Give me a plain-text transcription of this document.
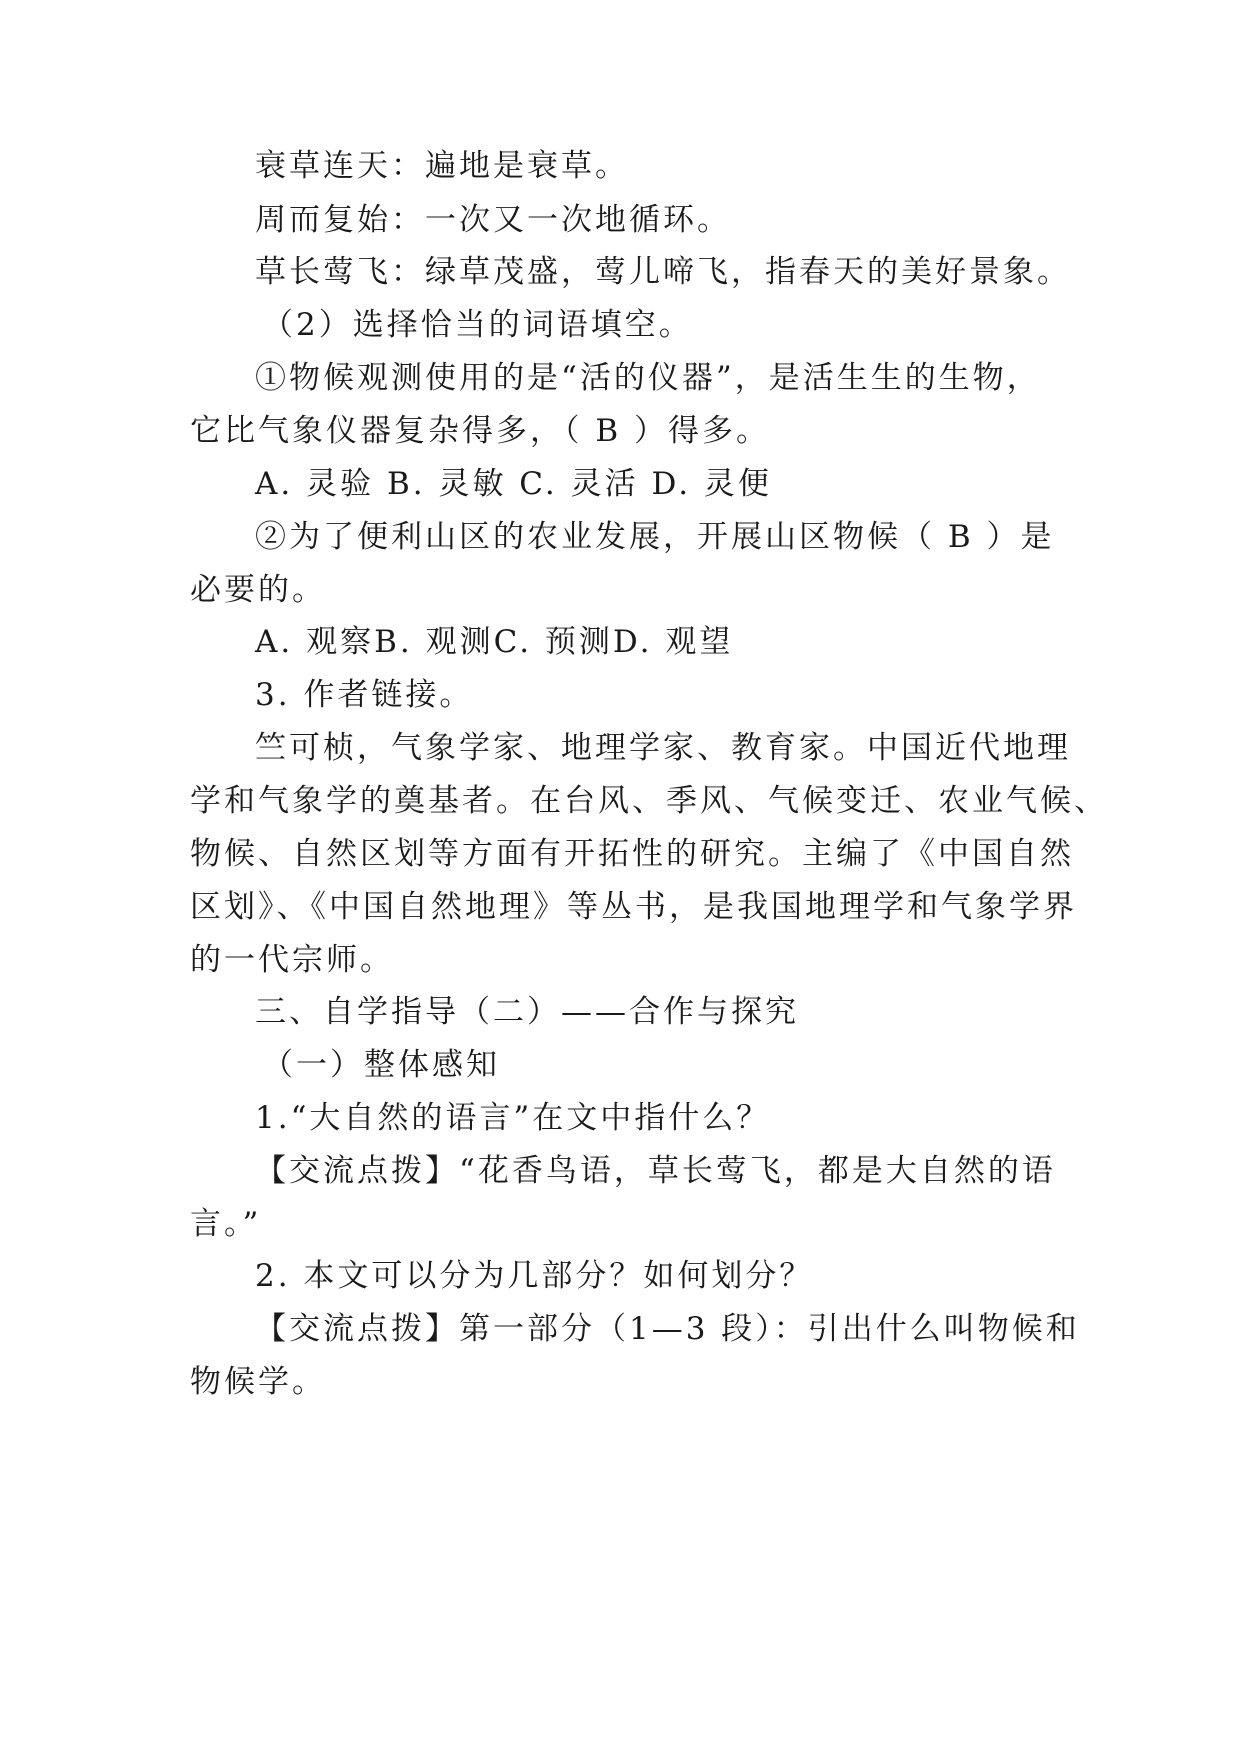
衰草连天：遍地是衰草。
周而复始：一次又一次地循环。
草长莺飞：绿草茂盛，莺儿啼飞，指春天的美好景象。
（2）选择恰当的词语填空。
①物候观测使用的是“活的仪器”，是活生生的生物，
它比气象仪器复杂得多，（ B ）得多。
A. 灵验 B. 灵敏 C. 灵活 D. 灵便
②为了便利山区的农业发展，开展山区物候（ B ）是
必要的。
A. 观察B. 观测C. 预测D. 观望
3. 作者链接。
竺可桢，气象学家、地理学家、教育家。中国近代地理
学和气象学的奠基者。在台风、季风、气候变迁、农业气候、
物候、自然区划等方面有开拓性的研究。主编了《中国自然
区划》、《中国自然地理》等丛书，是我国地理学和气象学界
的一代宗师。
三、自学指导（二）——合作与探究
（一）整体感知
1.“大自然的语言”在文中指什么？
【交流点拨】“花香鸟语，草长莺飞，都是大自然的语
言。”
2. 本文可以分为几部分？如何划分？
【交流点拨】第一部分（1—3 段）：引出什么叫物候和
物候学。
